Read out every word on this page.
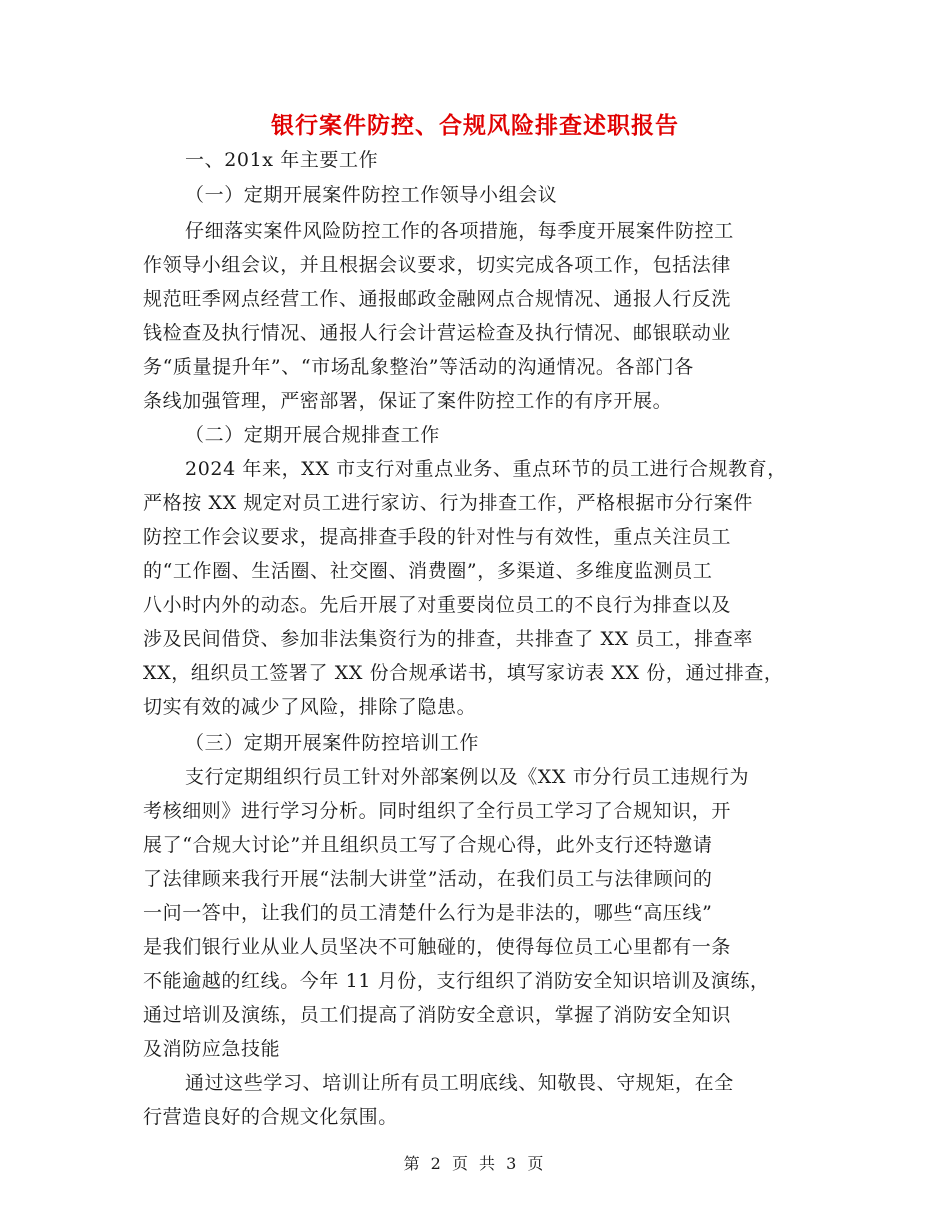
银行案件防控、合规风险排查述职报告
一、201x 年主要工作
（一）定期开展案件防控工作领导小组会议
仔细落实案件风险防控工作的各项措施，每季度开展案件防控工
作领导小组会议，并且根据会议要求，切实完成各项工作，包括法律
规范旺季网点经营工作、通报邮政金融网点合规情况、通报人行反洗
钱检查及执行情况、通报人行会计营运检查及执行情况、邮银联动业
务“质量提升年”、“市场乱象整治”等活动的沟通情况。各部门各
条线加强管理，严密部署，保证了案件防控工作的有序开展。
（二）定期开展合规排查工作
2024 年来，XX 市支行对重点业务、重点环节的员工进行合规教育，
严格按 XX 规定对员工进行家访、行为排查工作，严格根据市分行案件
防控工作会议要求，提高排查手段的针对性与有效性，重点关注员工
的“工作圈、生活圈、社交圈、消费圈”，多渠道、多维度监测员工
八小时内外的动态。先后开展了对重要岗位员工的不良行为排查以及
涉及民间借贷、参加非法集资行为的排查，共排查了 XX 员工，排查率
XX，组织员工签署了 XX 份合规承诺书，填写家访表 XX 份，通过排查，
切实有效的减少了风险，排除了隐患。
（三）定期开展案件防控培训工作
支行定期组织行员工针对外部案例以及《XX 市分行员工违规行为
考核细则》进行学习分析。同时组织了全行员工学习了合规知识，开
展了“合规大讨论”并且组织员工写了合规心得，此外支行还特邀请
了法律顾来我行开展“法制大讲堂”活动，在我们员工与法律顾问的
一问一答中，让我们的员工清楚什么行为是非法的，哪些“高压线”
是我们银行业从业人员坚决不可触碰的，使得每位员工心里都有一条
不能逾越的红线。今年 11 月份，支行组织了消防安全知识培训及演练，
通过培训及演练，员工们提高了消防安全意识，掌握了消防安全知识
及消防应急技能
通过这些学习、培训让所有员工明底线、知敬畏、守规矩，在全
行营造良好的合规文化氛围。
第 2 页 共 3 页
